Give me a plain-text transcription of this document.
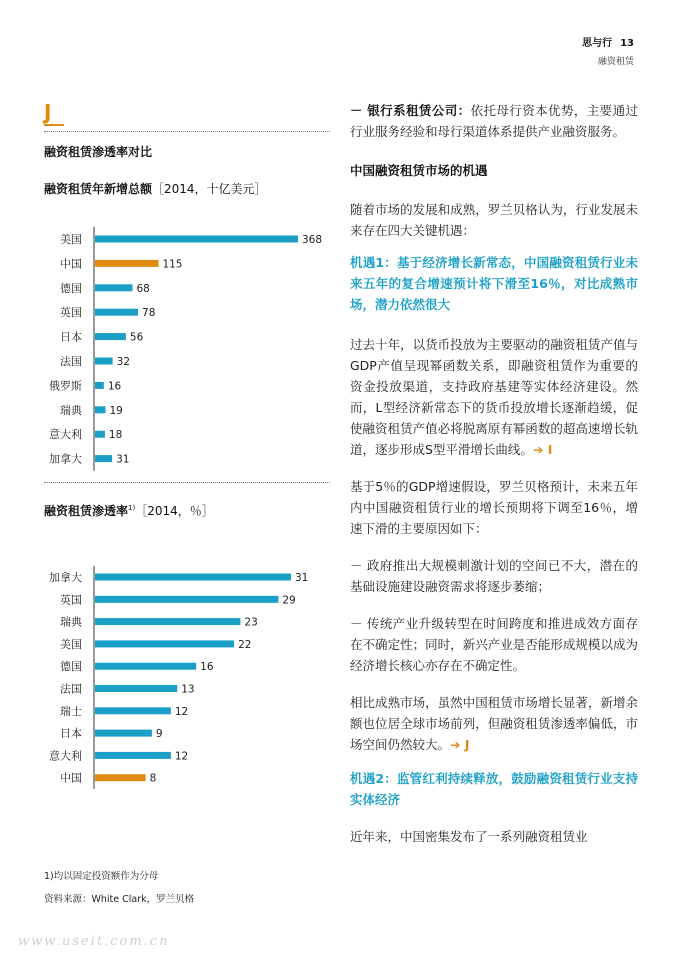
思与行 13
融资租赁
J
融资租赁渗透率对比
融资租赁年新增总额［2014，十亿美元］
美国	368
中国	115
德国	68
英国	78
日本	56
法国	32
俄罗斯 16
瑞典	19
意大利	18
加拿大	31
融资租赁渗透率$^{1)}$［2014，％］
加拿大	31
英国	29
瑞典	23
美国	22
德国	16
法国	13
瑞士	12
日本	9
意大利	12
中国	8
1)均以固定投资额作为分母
资料来源：White Clark，罗兰贝格

－ 银行系租赁公司：依托母行资本优势，主要通过行业服务经验和母行渠道体系提供产业融资服务。

中国融资租赁市场的机遇

随着市场的发展和成熟，罗兰贝格认为，行业发展未来存在四大关键机遇：

机遇1：基于经济增长新常态，中国融资租赁行业未来五年的复合增速预计将下滑至16％，对比成熟市场，潜力依然很大

过去十年，以货币投放为主要驱动的融资租赁产值与GDP产值呈现幂函数关系，即融资租赁作为重要的资金投放渠道，支持政府基建等实体经济建设。然而，L型经济新常态下的货币投放增长逐渐趋缓，促使融资租赁产值必将脱离原有幂函数的超高速增长轨道，逐步形成S型平滑增长曲线。➔ I

基于5％的GDP增速假设，罗兰贝格预计，未来五年内中国融资租赁行业的增长预期将下调至16％，增速下滑的主要原因如下：

－ 政府推出大规模刺激计划的空间已不大，潜在的基础设施建设融资需求将逐步萎缩；

－ 传统产业升级转型在时间跨度和推进成效方面存在不确定性；同时，新兴产业是否能形成规模以成为经济增长核心亦存在不确定性。

相比成熟市场，虽然中国租赁市场增长显著，新增余额也位居全球市场前列，但融资租赁渗透率偏低，市场空间仍然较大。➔ J

机遇2：监管红利持续释放，鼓励融资租赁行业支持实体经济

近年来，中国密集发布了一系列融资租赁业

www.useit.com.cn
